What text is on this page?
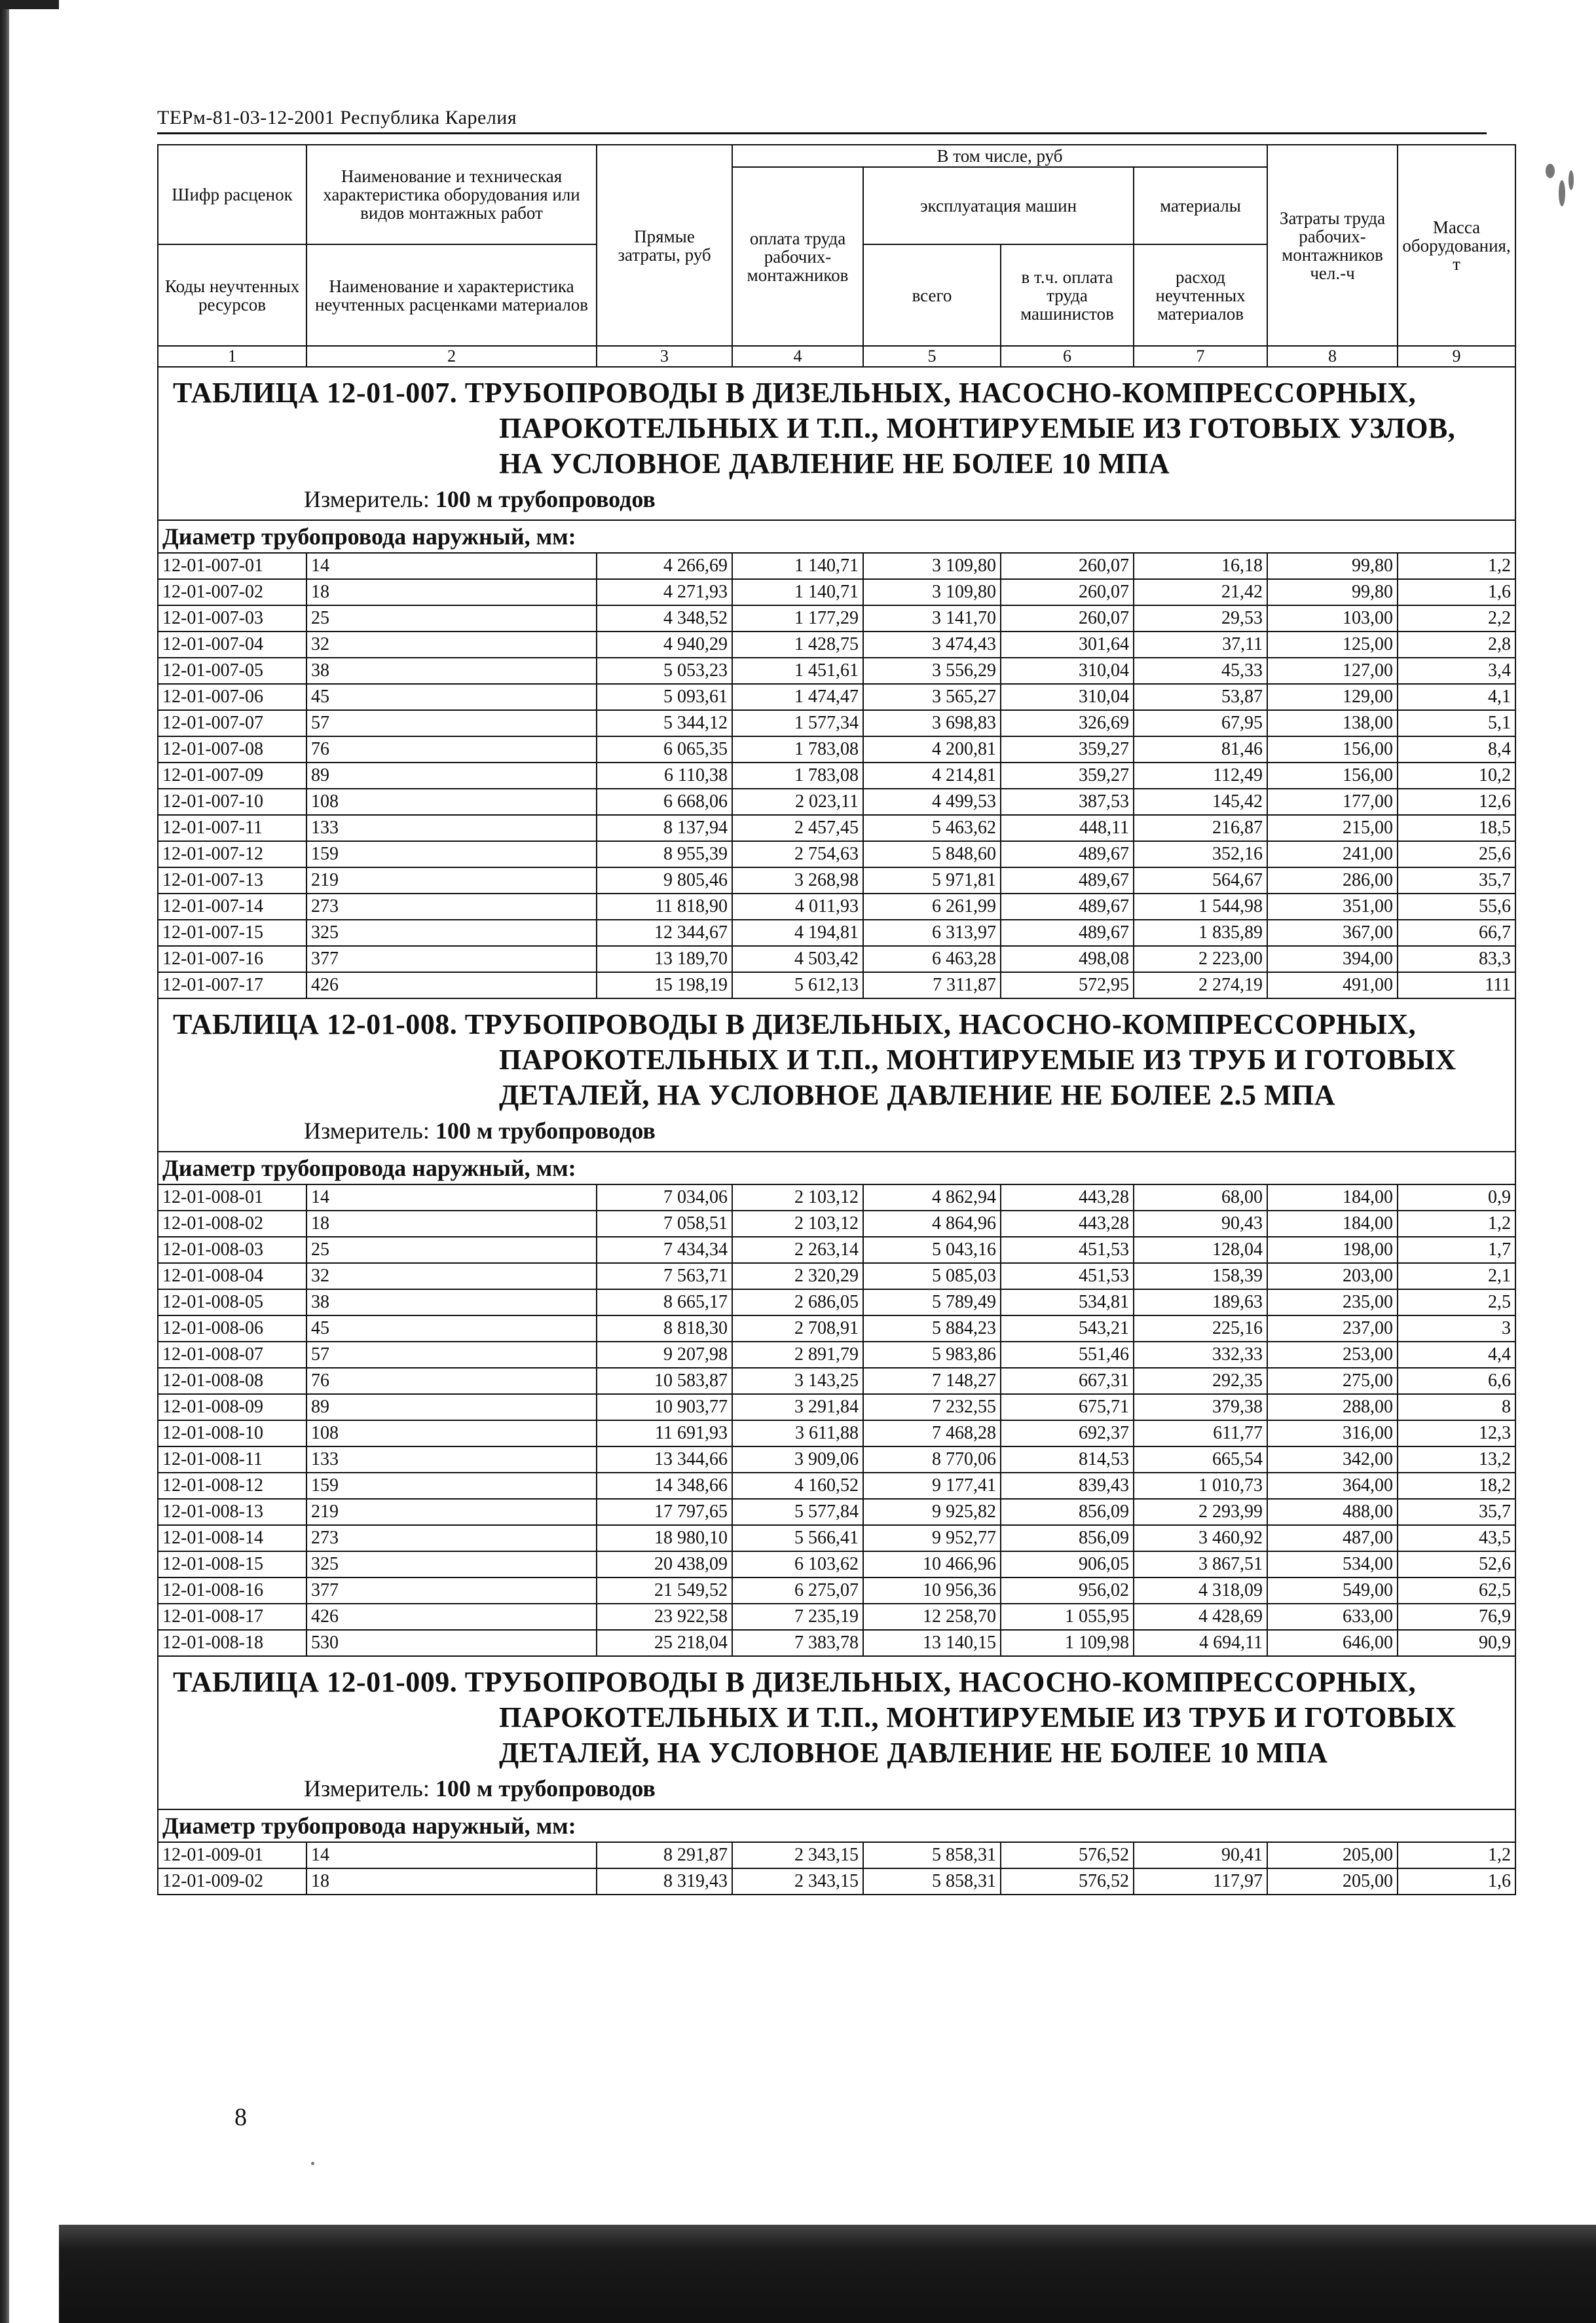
ТЕРм-81-03-12-2001 Республика Карелия
Шифр расценок	Наименование и техническая характеристика оборудования или видов монтажных работ	Прямые затраты, руб	В том числе, руб				Затраты труда рабочих-монтажников чел.-ч	Масса оборудования, т
			оплата труда рабочих-монтажников	эксплуатация машин		материалы		
Коды неучтенных ресурсов	Наименование и характеристика неучтенных расценками материалов			всего	в т.ч. оплата труда машинистов	расход неучтенных материалов		

1	2	3	4	5	6	7	8	9

ТАБЛИЦА 12-01-007. ТРУБОПРОВОДЫ В ДИЗЕЛЬНЫХ, НАСОСНО-КОМПРЕССОРНЫХ,
ПАРОКОТЕЛЬНЫХ И Т.П., МОНТИРУЕМЫЕ ИЗ ГОТОВЫХ УЗЛОВ,
НА УСЛОВНОЕ ДАВЛЕНИЕ НЕ БОЛЕЕ 10 МПА
Измеритель: 100 м трубопроводов								

Диаметр трубопровода наружный, мм:								
12-01-007-01	14	4 266,69	1 140,71	3 109,80	260,07	16,18	99,80	1,2
12-01-007-02	18	4 271,93	1 140,71	3 109,80	260,07	21,42	99,80	1,6
12-01-007-03	25	4 348,52	1 177,29	3 141,70	260,07	29,53	103,00	2,2
12-01-007-04	32	4 940,29	1 428,75	3 474,43	301,64	37,11	125,00	2,8
12-01-007-05	38	5 053,23	1 451,61	3 556,29	310,04	45,33	127,00	3,4
12-01-007-06	45	5 093,61	1 474,47	3 565,27	310,04	53,87	129,00	4,1
12-01-007-07	57	5 344,12	1 577,34	3 698,83	326,69	67,95	138,00	5,1
12-01-007-08	76	6 065,35	1 783,08	4 200,81	359,27	81,46	156,00	8,4
12-01-007-09	89	6 110,38	1 783,08	4 214,81	359,27	112,49	156,00	10,2
12-01-007-10	108	6 668,06	2 023,11	4 499,53	387,53	145,42	177,00	12,6
12-01-007-11	133	8 137,94	2 457,45	5 463,62	448,11	216,87	215,00	18,5
12-01-007-12	159	8 955,39	2 754,63	5 848,60	489,67	352,16	241,00	25,6
12-01-007-13	219	9 805,46	3 268,98	5 971,81	489,67	564,67	286,00	35,7
12-01-007-14	273	11 818,90	4 011,93	6 261,99	489,67	1 544,98	351,00	55,6
12-01-007-15	325	12 344,67	4 194,81	6 313,97	489,67	1 835,89	367,00	66,7
12-01-007-16	377	13 189,70	4 503,42	6 463,28	498,08	2 223,00	394,00	83,3
12-01-007-17	426	15 198,19	5 612,13	7 311,87	572,95	2 274,19	491,00	111

ТАБЛИЦА 12-01-008. ТРУБОПРОВОДЫ В ДИЗЕЛЬНЫХ, НАСОСНО-КОМПРЕССОРНЫХ,
ПАРОКОТЕЛЬНЫХ И Т.П., МОНТИРУЕМЫЕ ИЗ ТРУБ И ГОТОВЫХ
ДЕТАЛЕЙ, НА УСЛОВНОЕ ДАВЛЕНИЕ НЕ БОЛЕЕ 2.5 МПА
Измеритель: 100 м трубопроводов								

Диаметр трубопровода наружный, мм:								
12-01-008-01	14	7 034,06	2 103,12	4 862,94	443,28	68,00	184,00	0,9
12-01-008-02	18	7 058,51	2 103,12	4 864,96	443,28	90,43	184,00	1,2
12-01-008-03	25	7 434,34	2 263,14	5 043,16	451,53	128,04	198,00	1,7
12-01-008-04	32	7 563,71	2 320,29	5 085,03	451,53	158,39	203,00	2,1
12-01-008-05	38	8 665,17	2 686,05	5 789,49	534,81	189,63	235,00	2,5
12-01-008-06	45	8 818,30	2 708,91	5 884,23	543,21	225,16	237,00	3
12-01-008-07	57	9 207,98	2 891,79	5 983,86	551,46	332,33	253,00	4,4
12-01-008-08	76	10 583,87	3 143,25	7 148,27	667,31	292,35	275,00	6,6
12-01-008-09	89	10 903,77	3 291,84	7 232,55	675,71	379,38	288,00	8
12-01-008-10	108	11 691,93	3 611,88	7 468,28	692,37	611,77	316,00	12,3
12-01-008-11	133	13 344,66	3 909,06	8 770,06	814,53	665,54	342,00	13,2
12-01-008-12	159	14 348,66	4 160,52	9 177,41	839,43	1 010,73	364,00	18,2
12-01-008-13	219	17 797,65	5 577,84	9 925,82	856,09	2 293,99	488,00	35,7
12-01-008-14	273	18 980,10	5 566,41	9 952,77	856,09	3 460,92	487,00	43,5
12-01-008-15	325	20 438,09	6 103,62	10 466,96	906,05	3 867,51	534,00	52,6
12-01-008-16	377	21 549,52	6 275,07	10 956,36	956,02	4 318,09	549,00	62,5
12-01-008-17	426	23 922,58	7 235,19	12 258,70	1 055,95	4 428,69	633,00	76,9
12-01-008-18	530	25 218,04	7 383,78	13 140,15	1 109,98	4 694,11	646,00	90,9

ТАБЛИЦА 12-01-009. ТРУБОПРОВОДЫ В ДИЗЕЛЬНЫХ, НАСОСНО-КОМПРЕССОРНЫХ,
ПАРОКОТЕЛЬНЫХ И Т.П., МОНТИРУЕМЫЕ ИЗ ТРУБ И ГОТОВЫХ
ДЕТАЛЕЙ, НА УСЛОВНОЕ ДАВЛЕНИЕ НЕ БОЛЕЕ 10 МПА
Измеритель: 100 м трубопроводов								

Диаметр трубопровода наружный, мм:								
12-01-009-01	14	8 291,87	2 343,15	5 858,31	576,52	90,41	205,00	1,2
12-01-009-02	18	8 319,43	2 343,15	5 858,31	576,52	117,97	205,00	1,6
8
